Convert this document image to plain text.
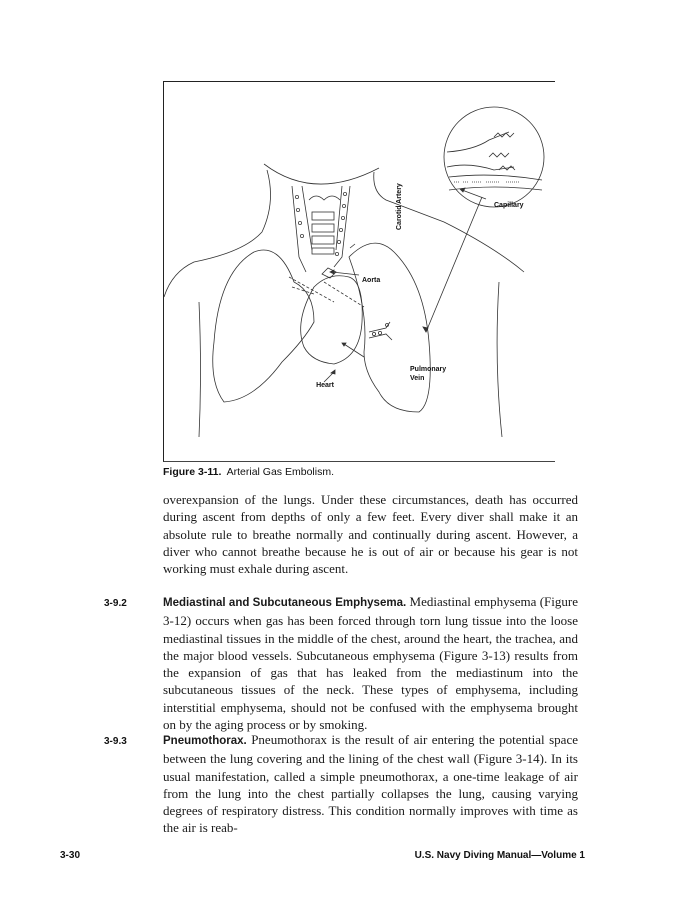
Carotid Artery	Capillary
Aorta
Pulmonary
Vein
Heart
Figure 3-11. Arterial Gas Embolism.

overexpansion of the lungs. Under these circumstances, death has occurred during ascent from depths of only a few feet. Every diver shall make it an absolute rule to breathe normally and continually during ascent. However, a diver who cannot breathe because he is out of air or because his gear is not working must exhale during ascent.

3-9.2	Mediastinal and Subcutaneous Emphysema. Mediastinal emphysema (Figure 3-12) occurs when gas has been forced through torn lung tissue into the loose mediastinal tissues in the middle of the chest, around the heart, the trachea, and the major blood vessels. Subcutaneous emphysema (Figure 3-13) results from the expansion of gas that has leaked from the mediastinum into the subcutaneous tissues of the neck. These types of emphysema, including interstitial emphysema, should not be confused with the emphysema brought on by the aging process or by smoking.

3-9.3	Pneumothorax. Pneumothorax is the result of air entering the potential space between the lung covering and the lining of the chest wall (Figure 3-14). In its usual manifestation, called a simple pneumothorax, a one-time leakage of air from the lung into the chest partially collapses the lung, causing varying degrees of respiratory distress. This condition normally improves with time as the air is reab-

3-30	U.S. Navy Diving Manual—Volume 1
